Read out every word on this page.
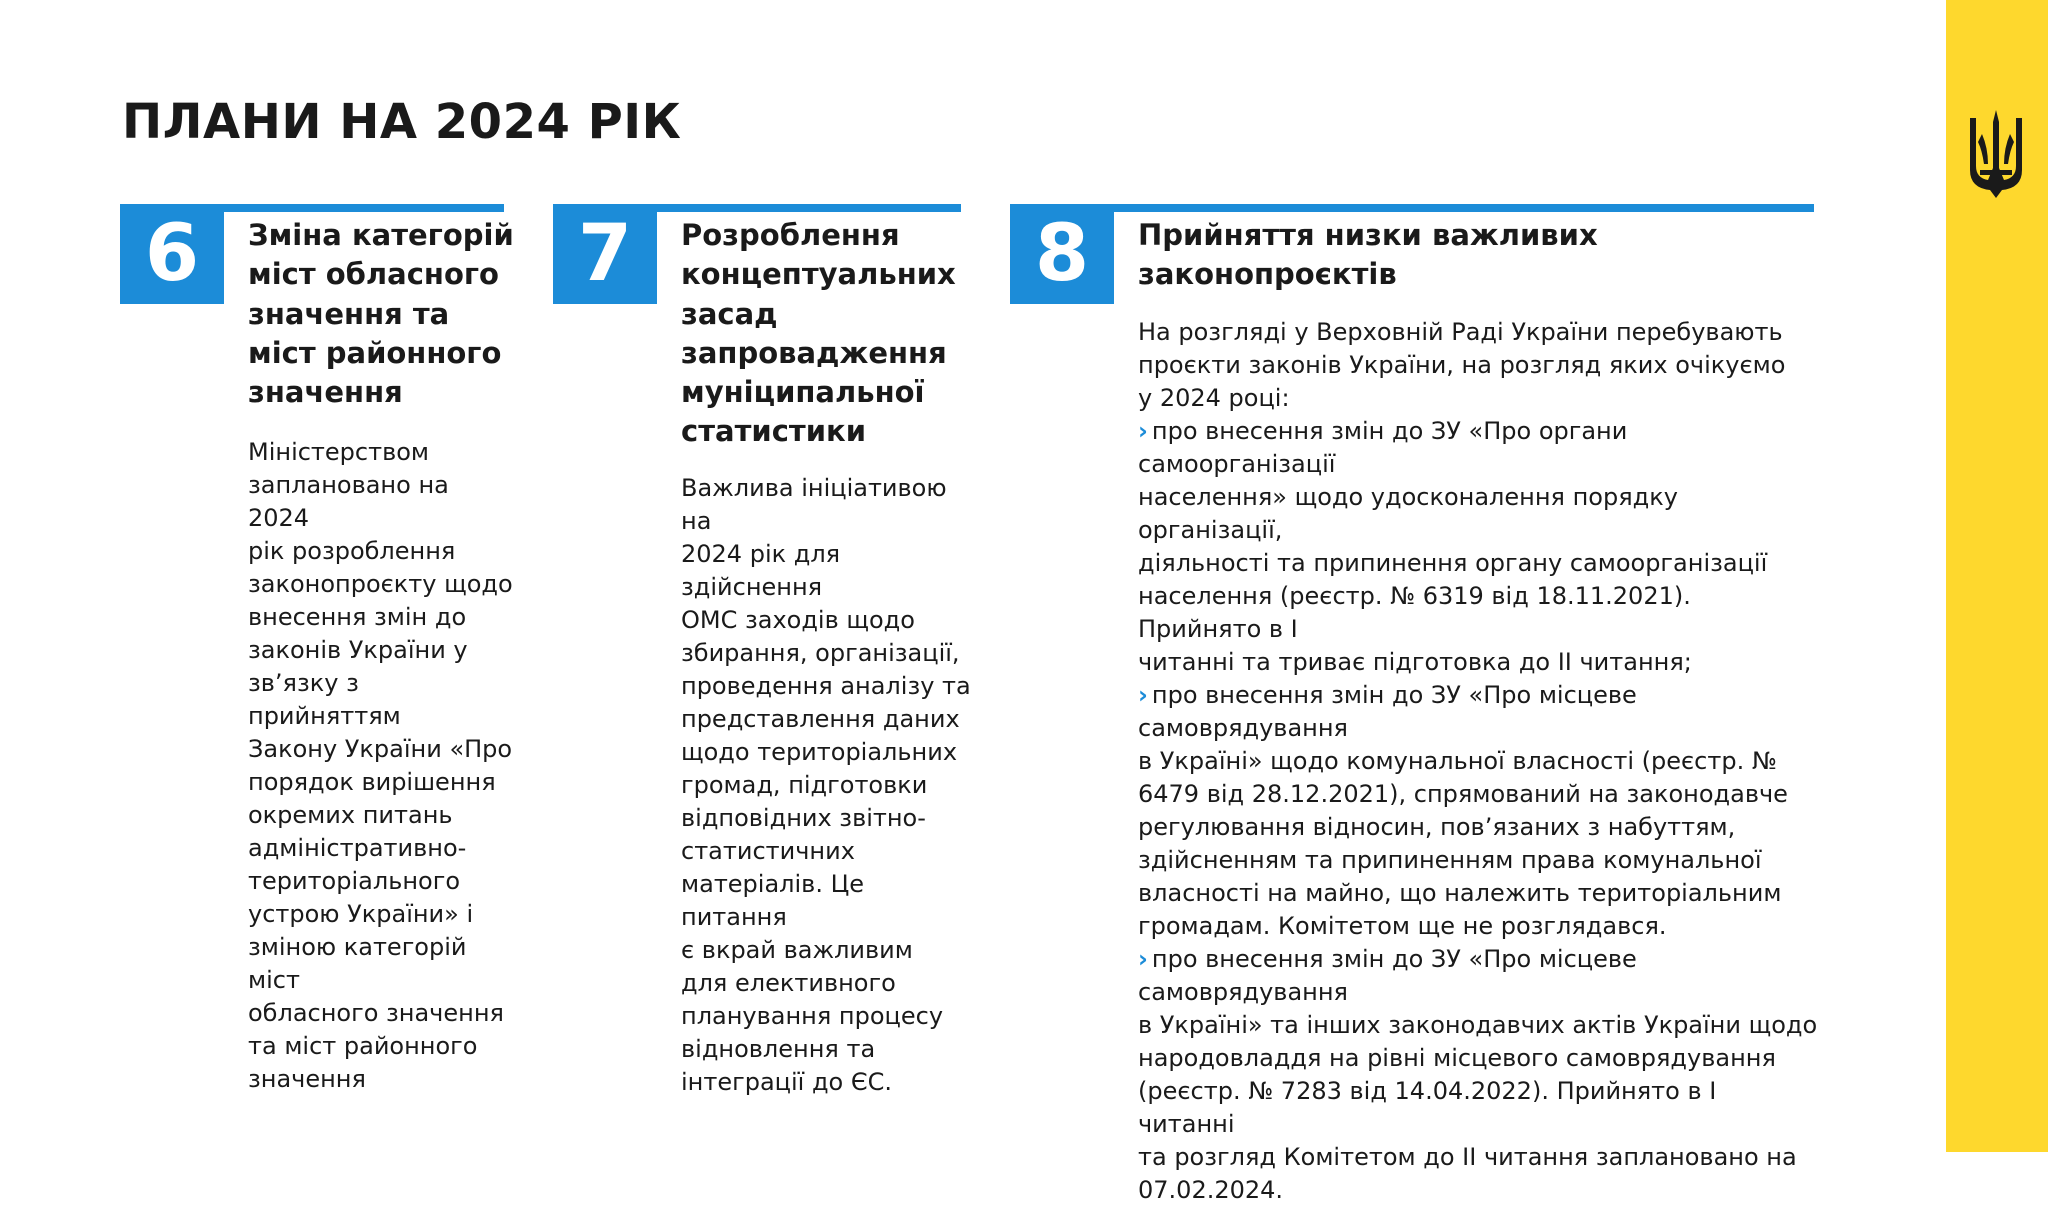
ПЛАНИ НА 2024 РІК
6	Зміна категорій
міст обласного
значення та
міст районного
значення

Міністерством
заплановано на 2024
рік розроблення
законопроєкту щодо
внесення змін до
законів України у
зв’язку з прийняттям
Закону України «Про
порядок вирішення
окремих питань
адміністративно-
територіального
устрою України» і
зміною категорій міст
обласного значення
та міст районного
значення

7	Розроблення
концептуальних
засад
запровадження
муніципальної
статистики

Важлива ініціативою на
2024 рік для здійснення
ОМС заходів щодо
збирання, організації,
проведення аналізу та
представлення даних
щодо територіальних
громад, підготовки
відповідних звітно-
статистичних
матеріалів. Це питання
є вкрай важливим
для елективного
планування процесу
відновлення та
інтеграції до ЄС.

8	Прийняття низки важливих
законопроєктів

На розгляді у Верховній Раді України перебувають
проєкти законів України, на розгляд яких очікуємо
у 2024 році:
› про внесення змін до ЗУ «Про органи самоорганізації
населення» щодо удосконалення порядку організації,
діяльності та припинення органу самоорганізації
населення (реєстр. № 6319 від 18.11.2021). Прийнято в І
читанні та триває підготовка до ІІ читання;
› про внесення змін до ЗУ «Про місцеве самоврядування
в Україні» щодо комунальної власності (реєстр. №
6479 від 28.12.2021), спрямований на законодавче
регулювання відносин, пов’язаних з набуттям,
здійсненням та припиненням права комунальної
власності на майно, що належить територіальним
громадам. Комітетом ще не розглядався.
› про внесення змін до ЗУ «Про місцеве самоврядування
в Україні» та інших законодавчих актів України щодо
народовладдя на рівні місцевого самоврядування
(реєстр. № 7283 від 14.04.2022). Прийнято в І читанні
та розгляд Комітетом до ІІ читання заплановано на
07.02.2024.
